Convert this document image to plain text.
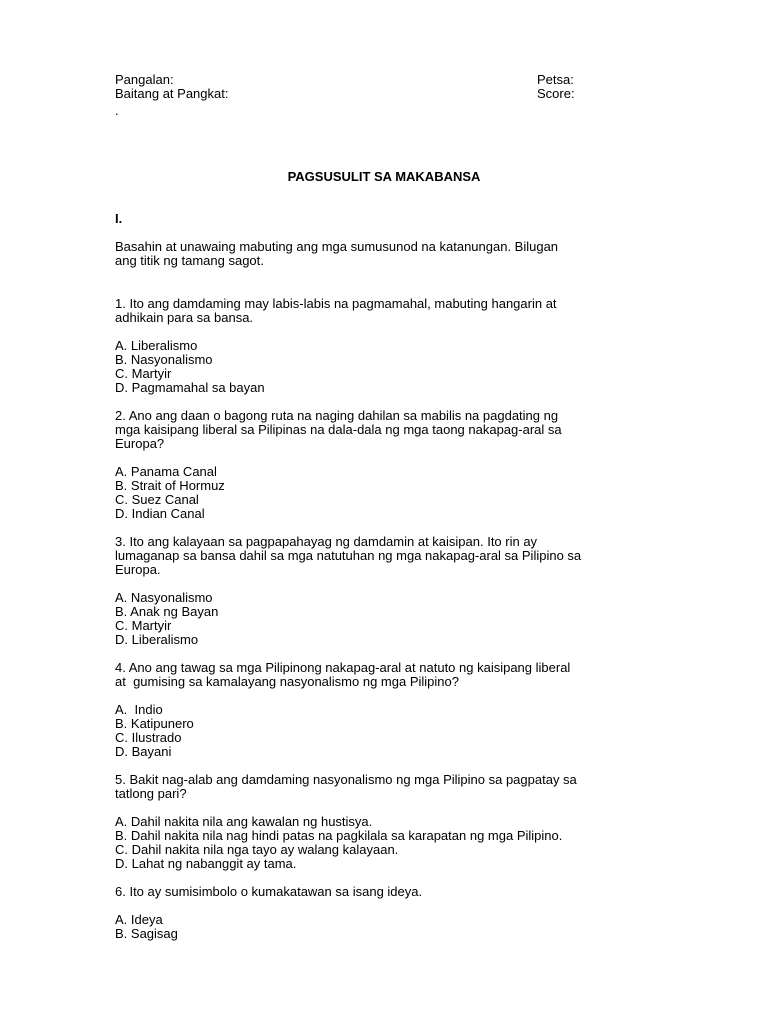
Pangalan:
Baitang at Pangkat:
Petsa:
Score:
.
PAGSUSULIT SA MAKABANSA
I.
Basahin at unawaing mabuting ang mga sumusunod na katanungan. Bilugan
ang titik ng tamang sagot.
1. Ito ang damdaming may labis-labis na pagmamahal, mabuting hangarin at
adhikain para sa bansa.
A. Liberalismo
B. Nasyonalismo
C. Martyir
D. Pagmamahal sa bayan
2. Ano ang daan o bagong ruta na naging dahilan sa mabilis na pagdating ng
mga kaisipang liberal sa Pilipinas na dala-dala ng mga taong nakapag-aral sa
Europa?
A. Panama Canal
B. Strait of Hormuz
C. Suez Canal
D. Indian Canal
3. Ito ang kalayaan sa pagpapahayag ng damdamin at kaisipan. Ito rin ay
lumaganap sa bansa dahil sa mga natutuhan ng mga nakapag-aral sa Pilipino sa
Europa.
A. Nasyonalismo
B. Anak ng Bayan
C. Martyir
D. Liberalismo
4. Ano ang tawag sa mga Pilipinong nakapag-aral at natuto ng kaisipang liberal
at  gumising sa kamalayang nasyonalismo ng mga Pilipino?
A.  Indio
B. Katipunero
C. Ilustrado
D. Bayani
5. Bakit nag-alab ang damdaming nasyonalismo ng mga Pilipino sa pagpatay sa
tatlong pari?
A. Dahil nakita nila ang kawalan ng hustisya.
B. Dahil nakita nila nag hindi patas na pagkilala sa karapatan ng mga Pilipino.
C. Dahil nakita nila nga tayo ay walang kalayaan.
D. Lahat ng nabanggit ay tama.
6. Ito ay sumisimbolo o kumakatawan sa isang ideya.
A. Ideya
B. Sagisag
